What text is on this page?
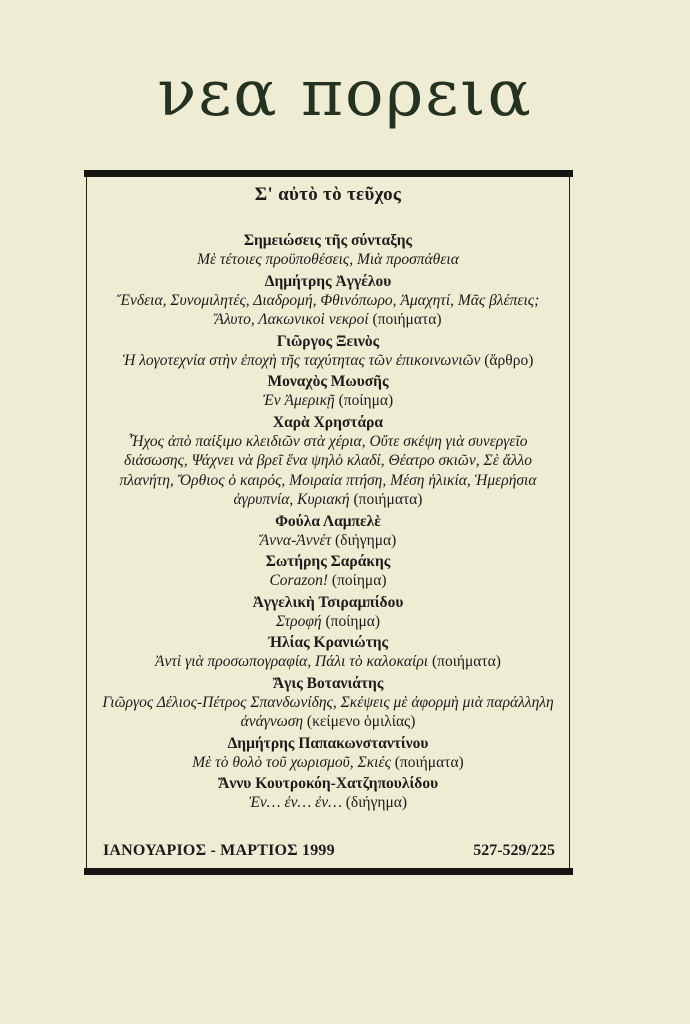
νεα πορεια
Σ' αὐτὸ τὸ τεῦχος
Σημειώσεις τῆς σύνταξης
Μὲ τέτοιες προϋποθέσεις, Μιὰ προσπάθεια
Δημήτρης Ἀγγέλου
Ἔνδεια, Συνομιλητές, Διαδρομή, Φθινόπωρο, Ἀμαχητί, Μᾶς βλέπεις; Ἄλυτο, Λακωνικοὶ νεκροί (ποιήματα)
Γιῶργος Ξεινὸς
Ἡ λογοτεχνία στὴν ἐποχὴ τῆς ταχύτητας τῶν ἐπικοινωνιῶν (ἄρθρο)
Μοναχὸς Μωυσῆς
Ἐν Ἀμερικῇ (ποίημα)
Χαρὰ Χρηστάρα
Ἦχος ἀπὸ παίξιμο κλειδιῶν στὰ χέρια, Οὔτε σκέψη γιὰ συνεργεῖο διάσωσης, Ψάχνει νὰ βρεῖ ἕνα ψηλὸ κλαδί, Θέατρο σκιῶν, Σὲ ἄλλο πλανήτη, Ὄρθιος ὁ καιρός, Μοιραία πτήση, Μέση ἡλικία, Ἡμερήσια ἀγρυπνία, Κυριακή (ποιήματα)
Φούλα Λαμπελὲ
Ἄννα-Ἀννέτ (διήγημα)
Σωτήρης Σαράκης
Corazon! (ποίημα)
Ἀγγελικὴ Τσιραμπίδου
Στροφή (ποίημα)
Ἠλίας Κρανιώτης
Ἀντὶ γιὰ προσωπογραφία, Πάλι τὸ καλοκαίρι (ποιήματα)
Ἄγις Βοτανιάτης
Γιῶργος Δέλιος-Πέτρος Σπανδωνίδης, Σκέψεις μὲ ἀφορμὴ μιὰ παράλληλη ἀνάγνωση (κείμενο ὁμιλίας)
Δημήτρης Παπακωνσταντίνου
Μὲ τὸ θολὸ τοῦ χωρισμοῦ, Σκιές (ποιήματα)
Ἄννυ Κουτροκόη-Χατζηπουλίδου
Ἐν… ἐν… ἐν… (διήγημα)
ΙΑΝΟΥΑΡΙΟΣ - ΜΑΡΤΙΟΣ 1999	527-529/225
